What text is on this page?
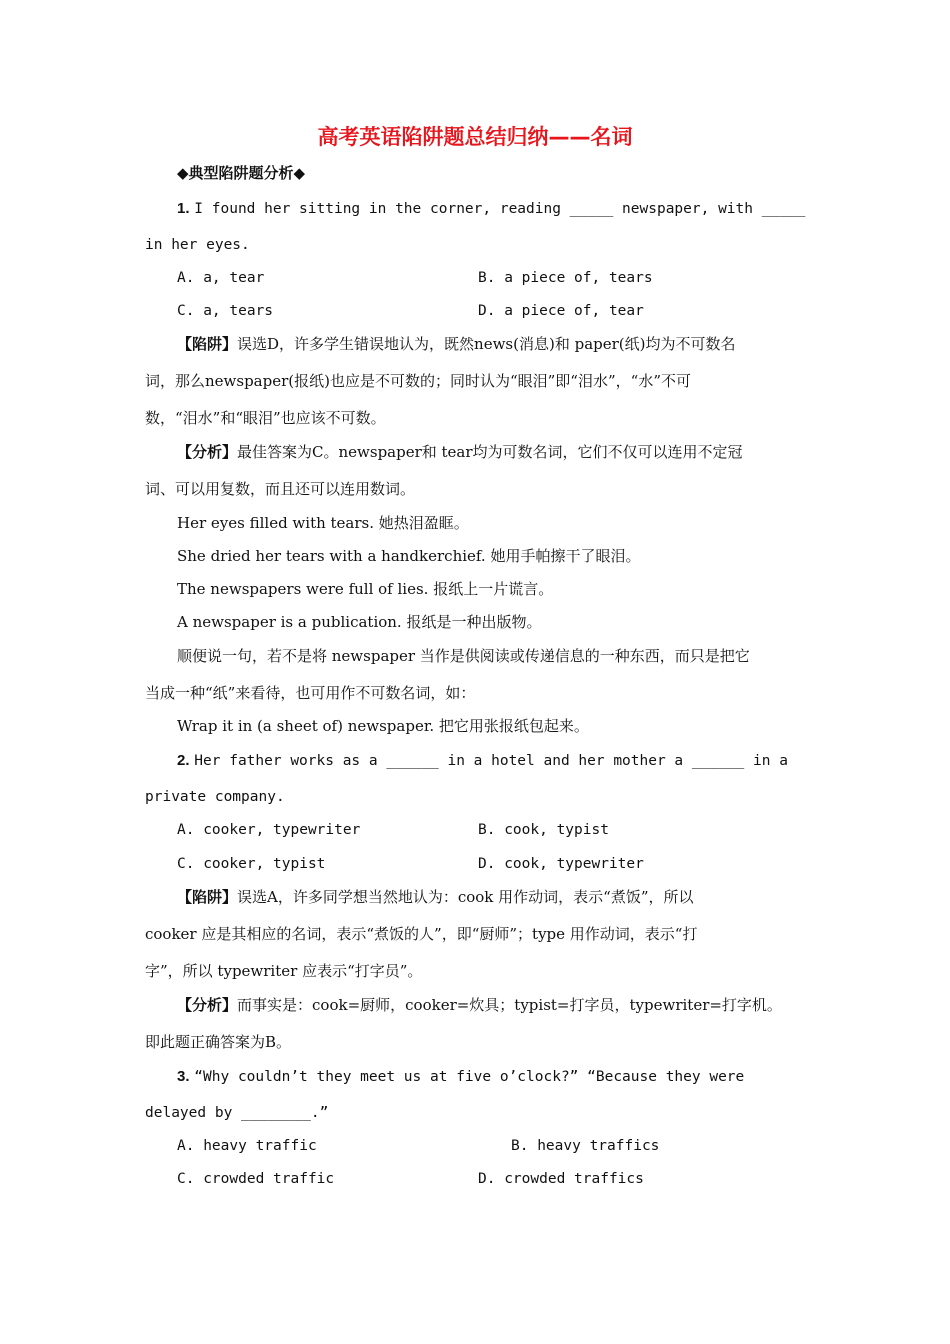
高考英语陷阱题总结归纳——名词
◆典型陷阱题分析◆
1. I found her sitting in the corner, reading _____ newspaper, with _____
in her eyes.
A. a, tear	B. a piece of, tears
C. a, tears	D. a piece of, tear
【陷阱】误选D，许多学生错误地认为，既然news(消息)和 paper(纸)均为不可数名
词，那么newspaper(报纸)也应是不可数的；同时认为“眼泪”即“泪水”，“水”不可
数，“泪水”和“眼泪”也应该不可数。
【分析】最佳答案为C。newspaper和 tear均为可数名词，它们不仅可以连用不定冠
词、可以用复数，而且还可以连用数词。
Her eyes filled with tears. 她热泪盈眶。
She dried her tears with a handkerchief. 她用手帕擦干了眼泪。
The newspapers were full of lies. 报纸上一片谎言。
A newspaper is a publication. 报纸是一种出版物。
顺便说一句，若不是将 newspaper 当作是供阅读或传递信息的一种东西，而只是把它
当成一种“纸”来看待，也可用作不可数名词，如：
Wrap it in (a sheet of) newspaper. 把它用张报纸包起来。
2. Her father works as a ______ in a hotel and her mother a ______ in a
private company.
A. cooker, typewriter	B. cook, typist
C. cooker, typist	D. cook, typewriter
【陷阱】误选A，许多同学想当然地认为：cook 用作动词，表示“煮饭”，所以
cooker 应是其相应的名词，表示“煮饭的人”，即“厨师”；type 用作动词，表示“打
字”，所以 typewriter 应表示“打字员”。
【分析】而事实是：cook=厨师，cooker=炊具；typist=打字员，typewriter=打字机。
即此题正确答案为B。
3. “Why couldn’t they meet us at five o’clock?” “Because they were
delayed by ________.”
A. heavy traffic	B. heavy traffics
C. crowded traffic	D. crowded traffics
